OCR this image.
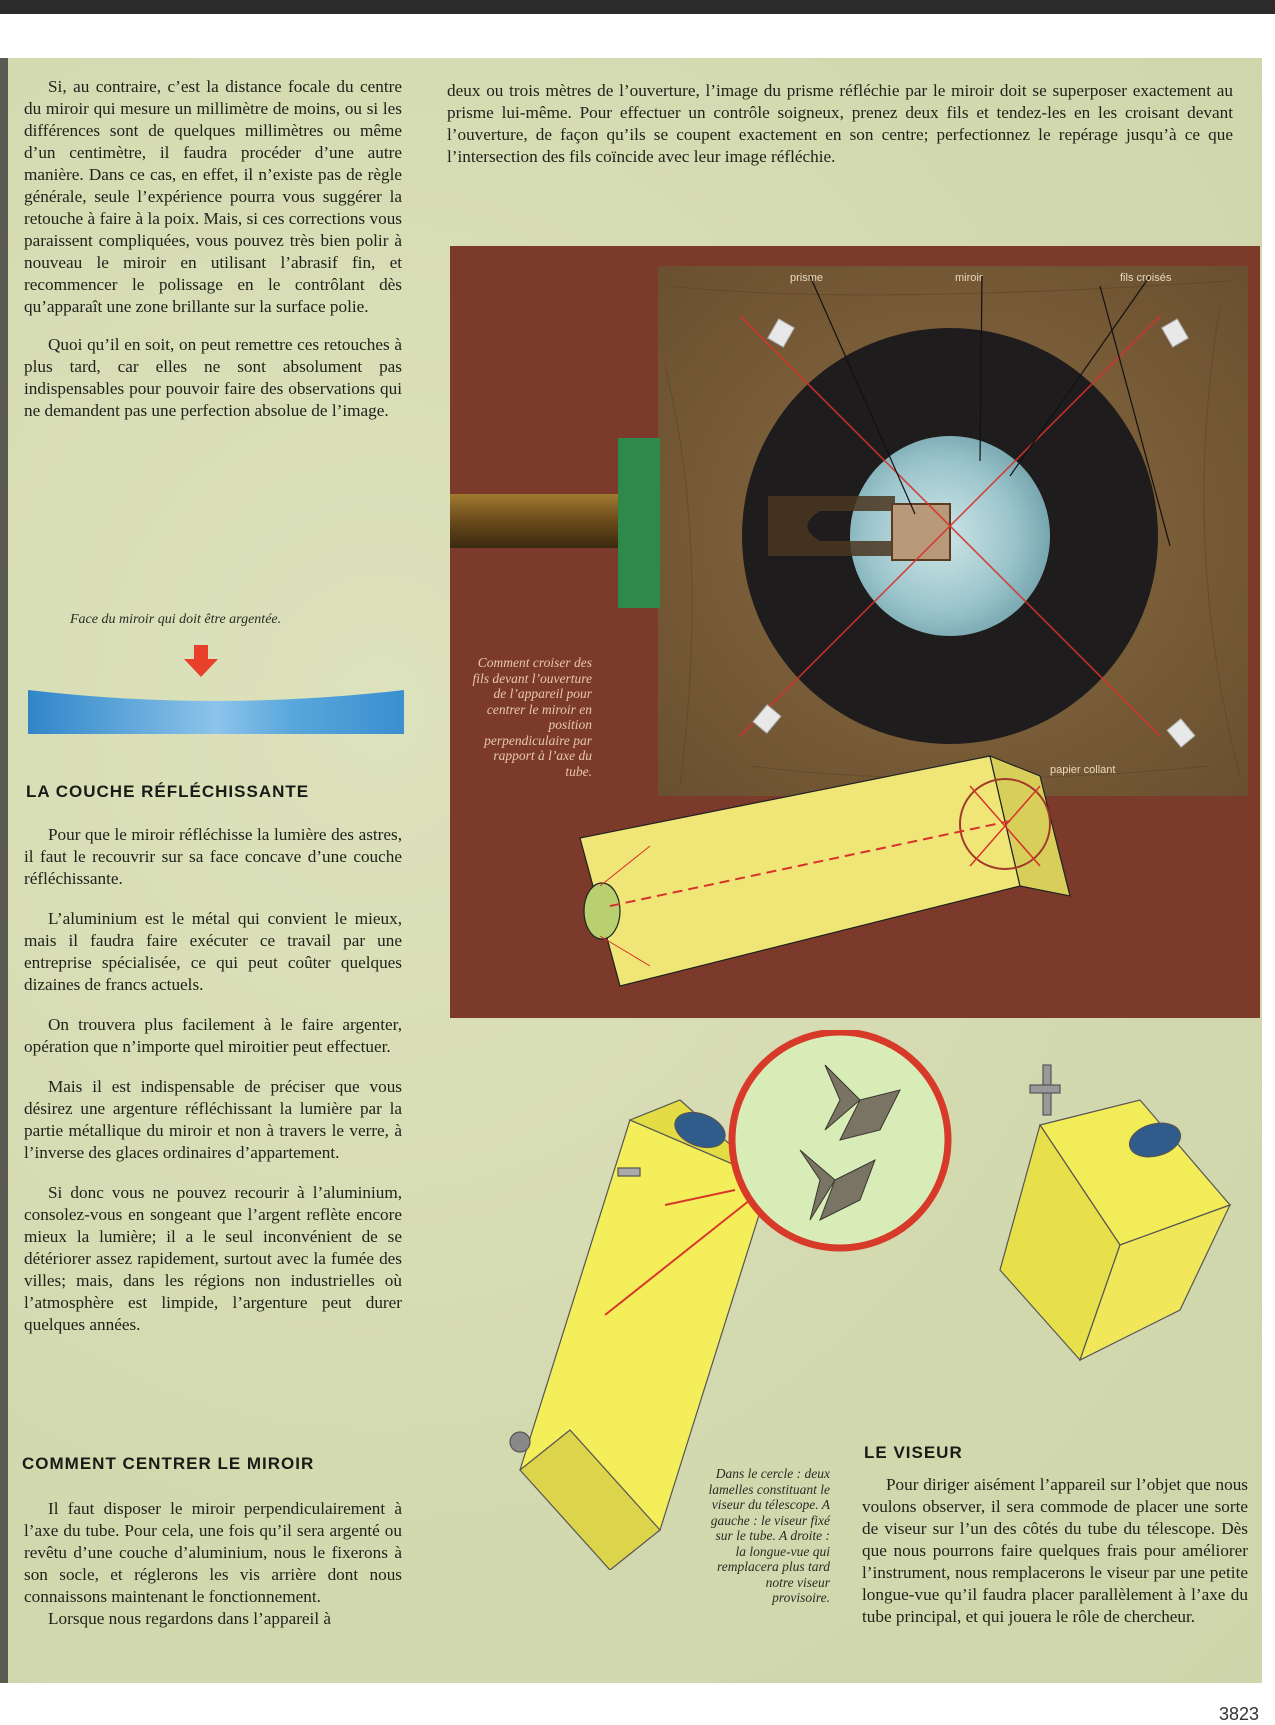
Si, au contraire, c’est la distance focale du centre du miroir qui mesure un millimètre de moins, ou si les différences sont de quelques millimètres ou même d’un centimètre, il faudra procéder d’une autre manière. Dans ce cas, en effet, il n’existe pas de règle générale, seule l’expérience pourra vous suggérer la retouche à faire à la poix. Mais, si ces corrections vous paraissent compliquées, vous pouvez très bien polir à nouveau le miroir en utilisant l’abrasif fin, et recommencer le polissage en le contrôlant dès qu’apparaît une zone brillante sur la surface polie.

Quoi qu’il en soit, on peut remettre ces retouches à plus tard, car elles ne sont absolument pas indispensables pour pouvoir faire des observations qui ne demandent pas une perfection absolue de l’image.

deux ou trois mètres de l’ouverture, l’image du prisme réfléchie par le miroir doit se superposer exactement au prisme lui-même. Pour effectuer un contrôle soigneux, prenez deux fils et tendez-les en les croisant devant l’ouverture, de façon qu’ils se coupent exactement en son centre; perfectionnez le repérage jusqu’à ce que l’intersection des fils coïncide avec leur image réfléchie.

Face du miroir qui doit être argentée.
LA COUCHE RÉFLÉCHISSANTE

Pour que le miroir réfléchisse la lumière des astres, il faut le recouvrir sur sa face concave d’une couche réfléchissante.

L’aluminium est le métal qui convient le mieux, mais il faudra faire exécuter ce travail par une entreprise spécialisée, ce qui peut coûter quelques dizaines de francs actuels.

On trouvera plus facilement à le faire argenter, opération que n’importe quel miroitier peut effectuer.

Mais il est indispensable de préciser que vous désirez une argenture réfléchissant la lumière par la partie métallique du miroir et non à travers le verre, à l’inverse des glaces ordinaires d’appartement.

Si donc vous ne pouvez recourir à l’aluminium, consolez-vous en songeant que l’argent reflète encore mieux la lumière; il a le seul inconvénient de se détériorer assez rapidement, surtout avec la fumée des villes; mais, dans les régions non industrielles où l’atmosphère est limpide, l’argenture peut durer quelques années.

COMMENT CENTRER LE MIROIR

Il faut disposer le miroir perpendiculairement à l’axe du tube. Pour cela, une fois qu’il sera argenté ou revêtu d’une couche d’aluminium, nous le fixerons à son socle, et réglerons les vis arrière dont nous connaissons maintenant le fonctionnement.

Lorsque nous regardons dans l’appareil à

prisme	miroir	fils croisés
papier collant
Comment croiser des fils devant l’ouverture de l’appareil pour centrer le miroir en position perpendiculaire par rapport à l’axe du tube.
Dans le cercle : deux lamelles constituant le viseur du télescope. A gauche : le viseur fixé sur le tube. A droite : la longue-vue qui remplacera plus tard notre viseur provisoire.
LE VISEUR

Pour diriger aisément l’appareil sur l’objet que nous voulons observer, il sera commode de placer une sorte de viseur sur l’un des côtés du tube du télescope. Dès que nous pourrons faire quelques frais pour améliorer l’instrument, nous remplacerons le viseur par une petite longue-vue qu’il faudra placer parallèlement à l’axe du tube principal, et qui jouera le rôle de chercheur.

3823
